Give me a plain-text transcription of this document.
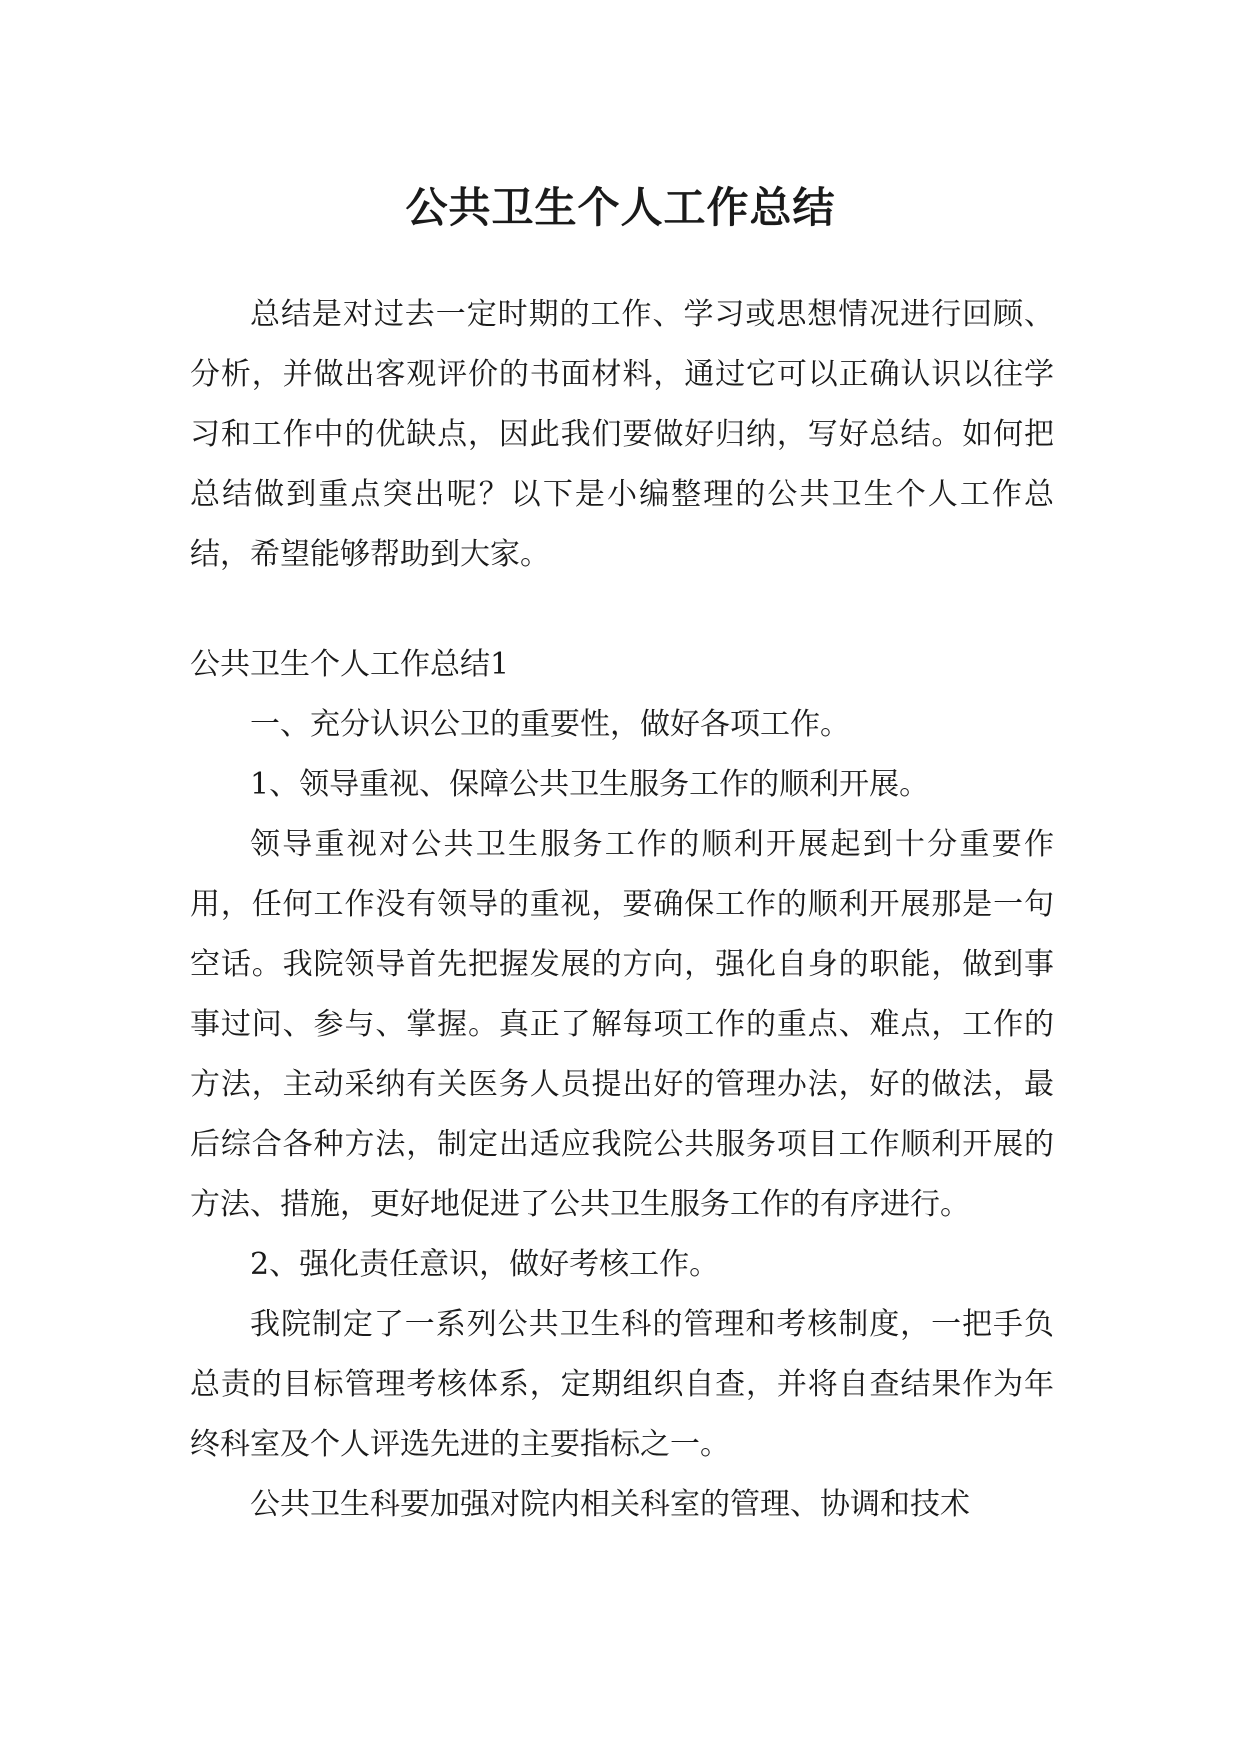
公共卫生个人工作总结

总结是对过去一定时期的工作、学习或思想情况进行回顾、分析，并做出客观评价的书面材料，通过它可以正确认识以往学习和工作中的优缺点，因此我们要做好归纳，写好总结。如何把总结做到重点突出呢？以下是小编整理的公共卫生个人工作总结，希望能够帮助到大家。

公共卫生个人工作总结1

一、充分认识公卫的重要性，做好各项工作。

1、领导重视、保障公共卫生服务工作的顺利开展。

领导重视对公共卫生服务工作的顺利开展起到十分重要作用，任何工作没有领导的重视，要确保工作的顺利开展那是一句空话。我院领导首先把握发展的方向，强化自身的职能，做到事事过问、参与、掌握。真正了解每项工作的重点、难点，工作的方法，主动采纳有关医务人员提出好的管理办法，好的做法，最后综合各种方法，制定出适应我院公共服务项目工作顺利开展的方法、措施，更好地促进了公共卫生服务工作的有序进行。

2、强化责任意识，做好考核工作。

我院制定了一系列公共卫生科的管理和考核制度，一把手负总责的目标管理考核体系，定期组织自查，并将自查结果作为年终科室及个人评选先进的主要指标之一。

公共卫生科要加强对院内相关科室的管理、协调和技术
